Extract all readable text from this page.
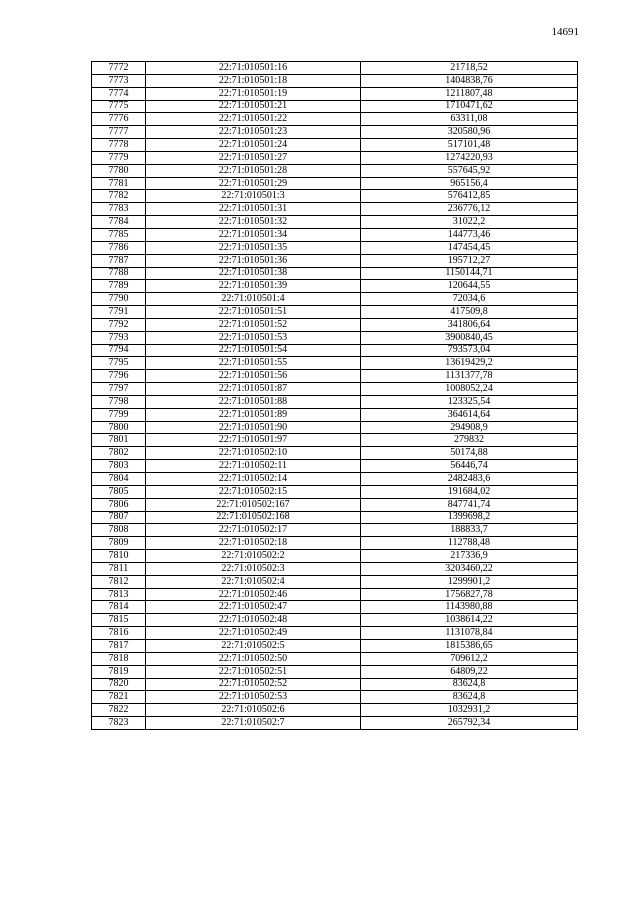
14691
7772	22:71:010501:16	21718,52
7773	22:71:010501:18	1404838,76
7774	22:71:010501:19	1211807,48
7775	22:71:010501:21	1710471,62
7776	22:71:010501:22	63311,08
7777	22:71:010501:23	320580,96
7778	22:71:010501:24	517101,48
7779	22:71:010501:27	1274220,93
7780	22:71:010501:28	557645,92
7781	22:71:010501:29	965156,4
7782	22:71:010501:3	576412,85
7783	22:71:010501:31	236776,12
7784	22:71:010501:32	31022,2
7785	22:71:010501:34	144773,46
7786	22:71:010501:35	147454,45
7787	22:71:010501:36	195712,27
7788	22:71:010501:38	1150144,71
7789	22:71:010501:39	120644,55
7790	22:71:010501:4	72034,6
7791	22:71:010501:51	417509,8
7792	22:71:010501:52	341806,64
7793	22:71:010501:53	3900840,45
7794	22:71:010501:54	793573,04
7795	22:71:010501:55	13619429,2
7796	22:71:010501:56	1131377,78
7797	22:71:010501:87	1008052,24
7798	22:71:010501:88	123325,54
7799	22:71:010501:89	364614,64
7800	22:71:010501:90	294908,9
7801	22:71:010501:97	279832
7802	22:71:010502:10	50174,88
7803	22:71:010502:11	56446,74
7804	22:71:010502:14	2482483,6
7805	22:71:010502:15	191684,02
7806	22:71:010502:167	847741,74
7807	22:71:010502:168	1399698,2
7808	22:71:010502:17	188833,7
7809	22:71:010502:18	112788,48
7810	22:71:010502:2	217336,9
7811	22:71:010502:3	3203460,22
7812	22:71:010502:4	1299901,2
7813	22:71:010502:46	1756827,78
7814	22:71:010502:47	1143980,88
7815	22:71:010502:48	1038614,22
7816	22:71:010502:49	1131078,84
7817	22:71:010502:5	1815386,65
7818	22:71:010502:50	709612,2
7819	22:71:010502:51	64809,22
7820	22:71:010502:52	83624,8
7821	22:71:010502:53	83624,8
7822	22:71:010502:6	1032931,2
7823	22:71:010502:7	265792,34
